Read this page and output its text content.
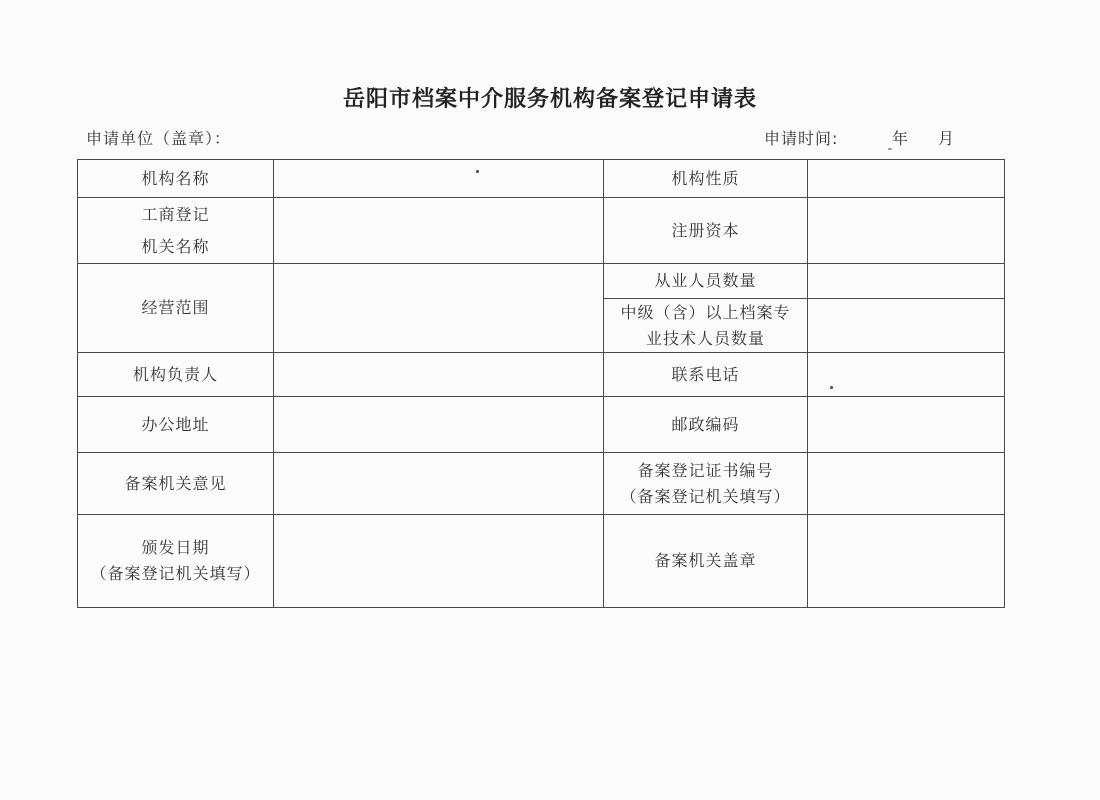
岳阳市档案中介服务机构备案登记申请表
申请单位（盖章）：	申请时间:	年 月
机构名称		机构性质	

工商登记
机关名称		注册资本	
经营范围		从业人员数量	

		中级（含）以上档案专
业技术人员数量	

机构负责人		联系电话	
办公地址		邮政编码	
备案机关意见		备案登记证书编号
（备案登记机关填写）	

颁发日期
（备案登记机关填写）		备案机关盖章	
